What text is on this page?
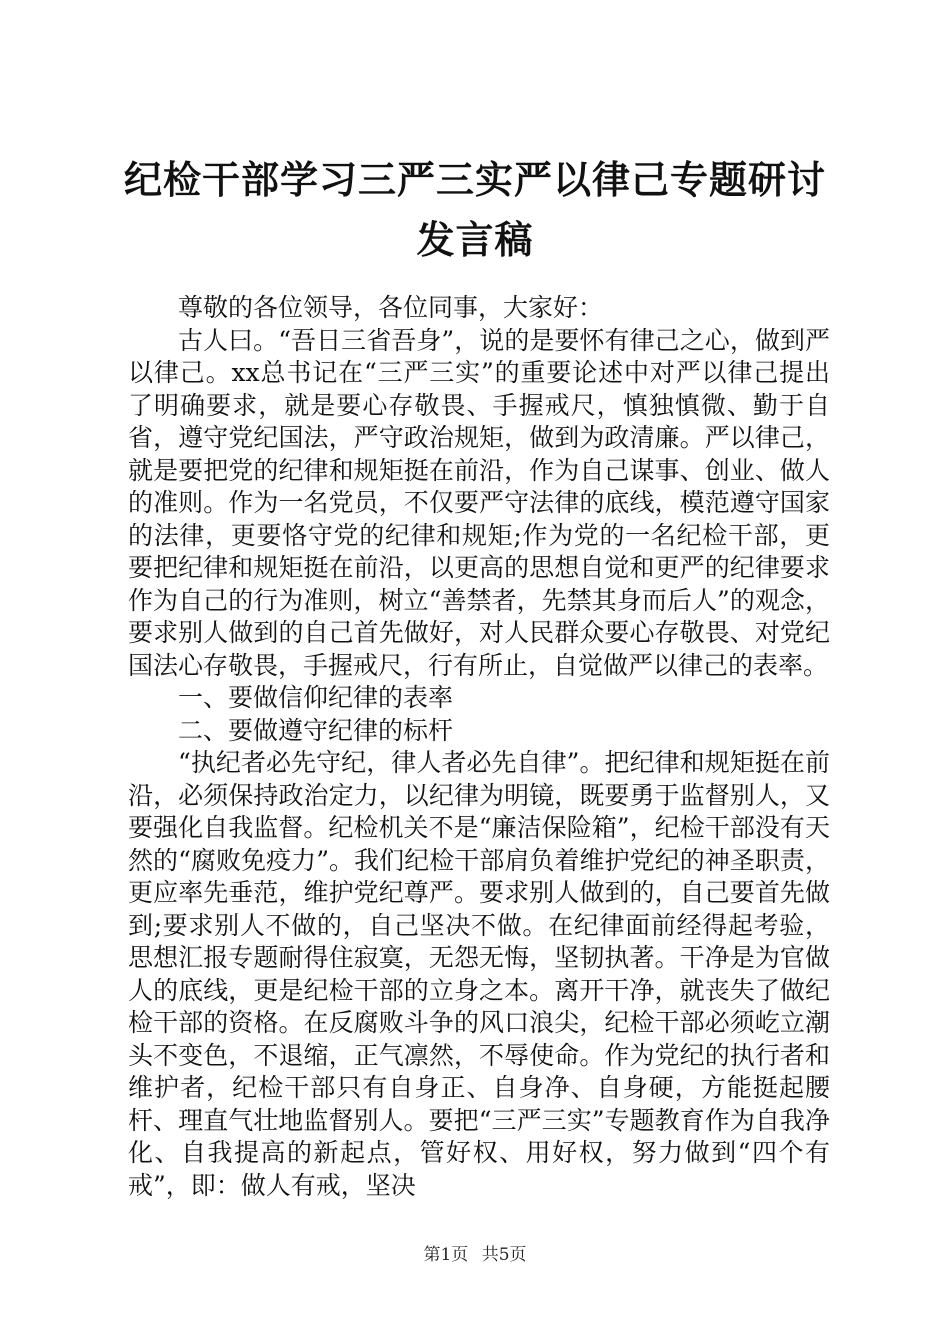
纪检干部学习三严三实严以律己专题研讨发言稿

尊敬的各位领导，各位同事，大家好：

古人曰。“吾日三省吾身”，说的是要怀有律己之心，做到严以律己。xx总书记在“三严三实”的重要论述中对严以律己提出了明确要求，就是要心存敬畏、手握戒尺，慎独慎微、勤于自省，遵守党纪国法，严守政治规矩，做到为政清廉。严以律己，就是要把党的纪律和规矩挺在前沿，作为自己谋事、创业、做人的准则。作为一名党员，不仅要严守法律的底线，模范遵守国家的法律，更要恪守党的纪律和规矩;作为党的一名纪检干部，更要把纪律和规矩挺在前沿，以更高的思想自觉和更严的纪律要求作为自己的行为准则，树立“善禁者，先禁其身而后人”的观念，要求别人做到的自己首先做好，对人民群众要心存敬畏、对党纪国法心存敬畏，手握戒尺，行有所止，自觉做严以律己的表率。

一、要做信仰纪律的表率

二、要做遵守纪律的标杆

“执纪者必先守纪，律人者必先自律”。把纪律和规矩挺在前沿，必须保持政治定力，以纪律为明镜，既要勇于监督别人，又要强化自我监督。纪检机关不是“廉洁保险箱”，纪检干部没有天然的“腐败免疫力”。我们纪检干部肩负着维护党纪的神圣职责，更应率先垂范，维护党纪尊严。要求别人做到的，自己要首先做到;要求别人不做的，自己坚决不做。在纪律面前经得起考验，思想汇报专题耐得住寂寞，无怨无悔，坚韧执著。干净是为官做人的底线，更是纪检干部的立身之本。离开干净，就丧失了做纪检干部的资格。在反腐败斗争的风口浪尖，纪检干部必须屹立潮头不变色，不退缩，正气凛然，不辱使命。作为党纪的执行者和维护者，纪检干部只有自身正、自身净、自身硬，方能挺起腰杆、理直气壮地监督别人。要把“三严三实”专题教育作为自我净化、自我提高的新起点，管好权、用好权，努力做到“四个有戒”，即：做人有戒，坚决

第1页 共5页
